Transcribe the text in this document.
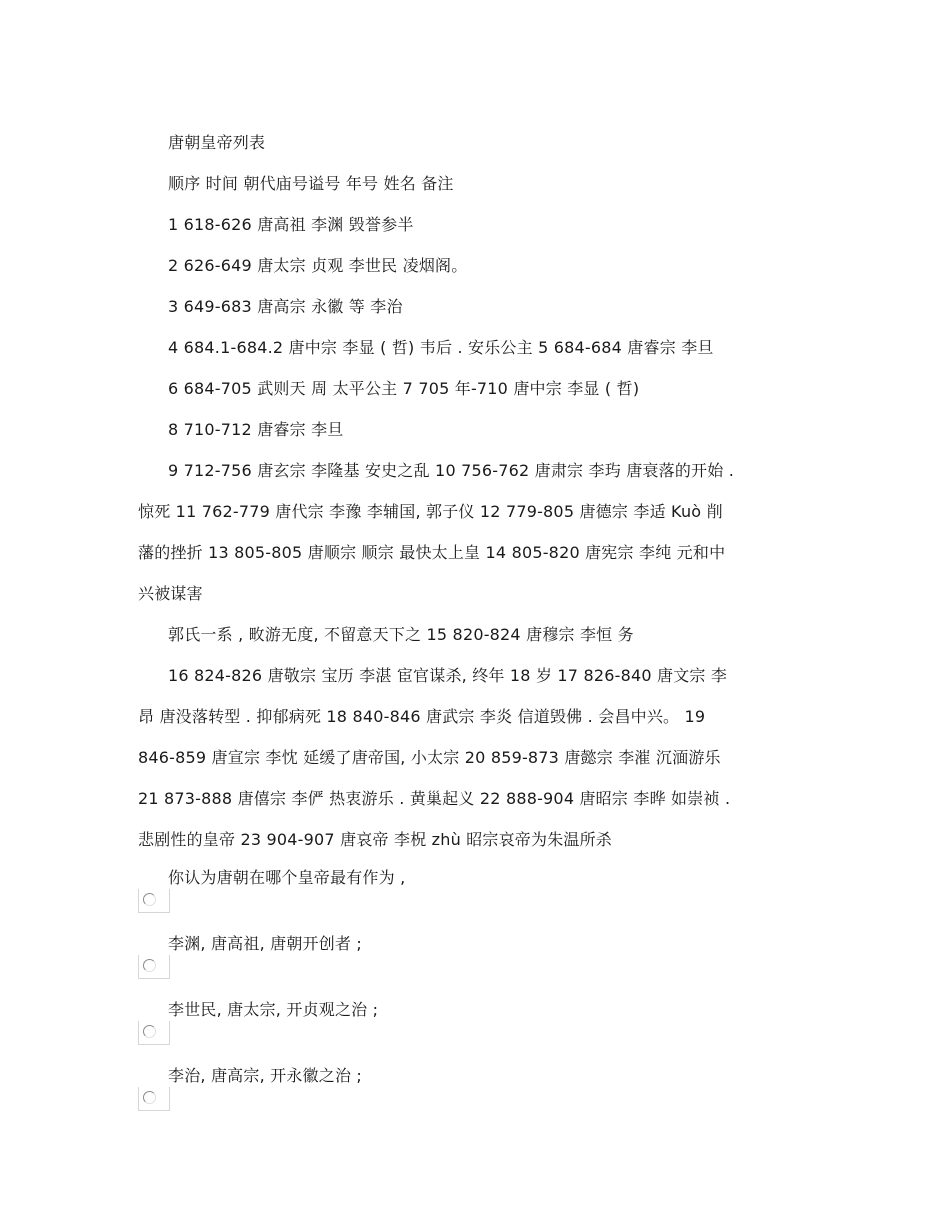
唐朝皇帝列表
顺序 时间 朝代庙号谥号 年号 姓名 备注
1 618-626 唐高祖 李渊 毁誉参半
2 626-649 唐太宗 贞观 李世民 凌烟阁。
3 649-683 唐高宗 永徽 等 李治
4 684.1-684.2 唐中宗 李显 ( 哲) 韦后 . 安乐公主 5 684-684 唐睿宗 李旦
6 684-705 武则天 周 太平公主 7 705 年-710 唐中宗 李显 ( 哲)
8 710-712 唐睿宗 李旦
9 712-756 唐玄宗 李隆基 安史之乱 10 756-762 唐肃宗 李玙 唐衰落的开始 .
惊死 11 762-779 唐代宗 李豫 李辅国, 郭子仪 12 779-805 唐德宗 李适 Kuò 削
藩的挫折 13 805-805 唐顺宗 顺宗 最快太上皇 14 805-820 唐宪宗 李纯 元和中
兴被谋害
郭氏一系 , 畋游无度, 不留意天下之 15 820-824 唐穆宗 李恒 务
16 824-826 唐敬宗 宝历 李湛 宦官谋杀, 终年 18 岁 17 826-840 唐文宗 李
昂 唐没落转型 . 抑郁病死 18 840-846 唐武宗 李炎 信道毁佛 . 会昌中兴。 19
846-859 唐宣宗 李忱 延缓了唐帝国, 小太宗 20 859-873 唐懿宗 李漼 沉湎游乐
21 873-888 唐僖宗 李俨 热衷游乐 . 黄巢起义 22 888-904 唐昭宗 李晔 如崇祯 .
悲剧性的皇帝 23 904-907 唐哀帝 李柷 zhù 昭宗哀帝为朱温所杀
你认为唐朝在哪个皇帝最有作为 ,
李渊, 唐高祖, 唐朝开创者 ;
李世民, 唐太宗, 开贞观之治 ;
李治, 唐高宗, 开永徽之治 ;
